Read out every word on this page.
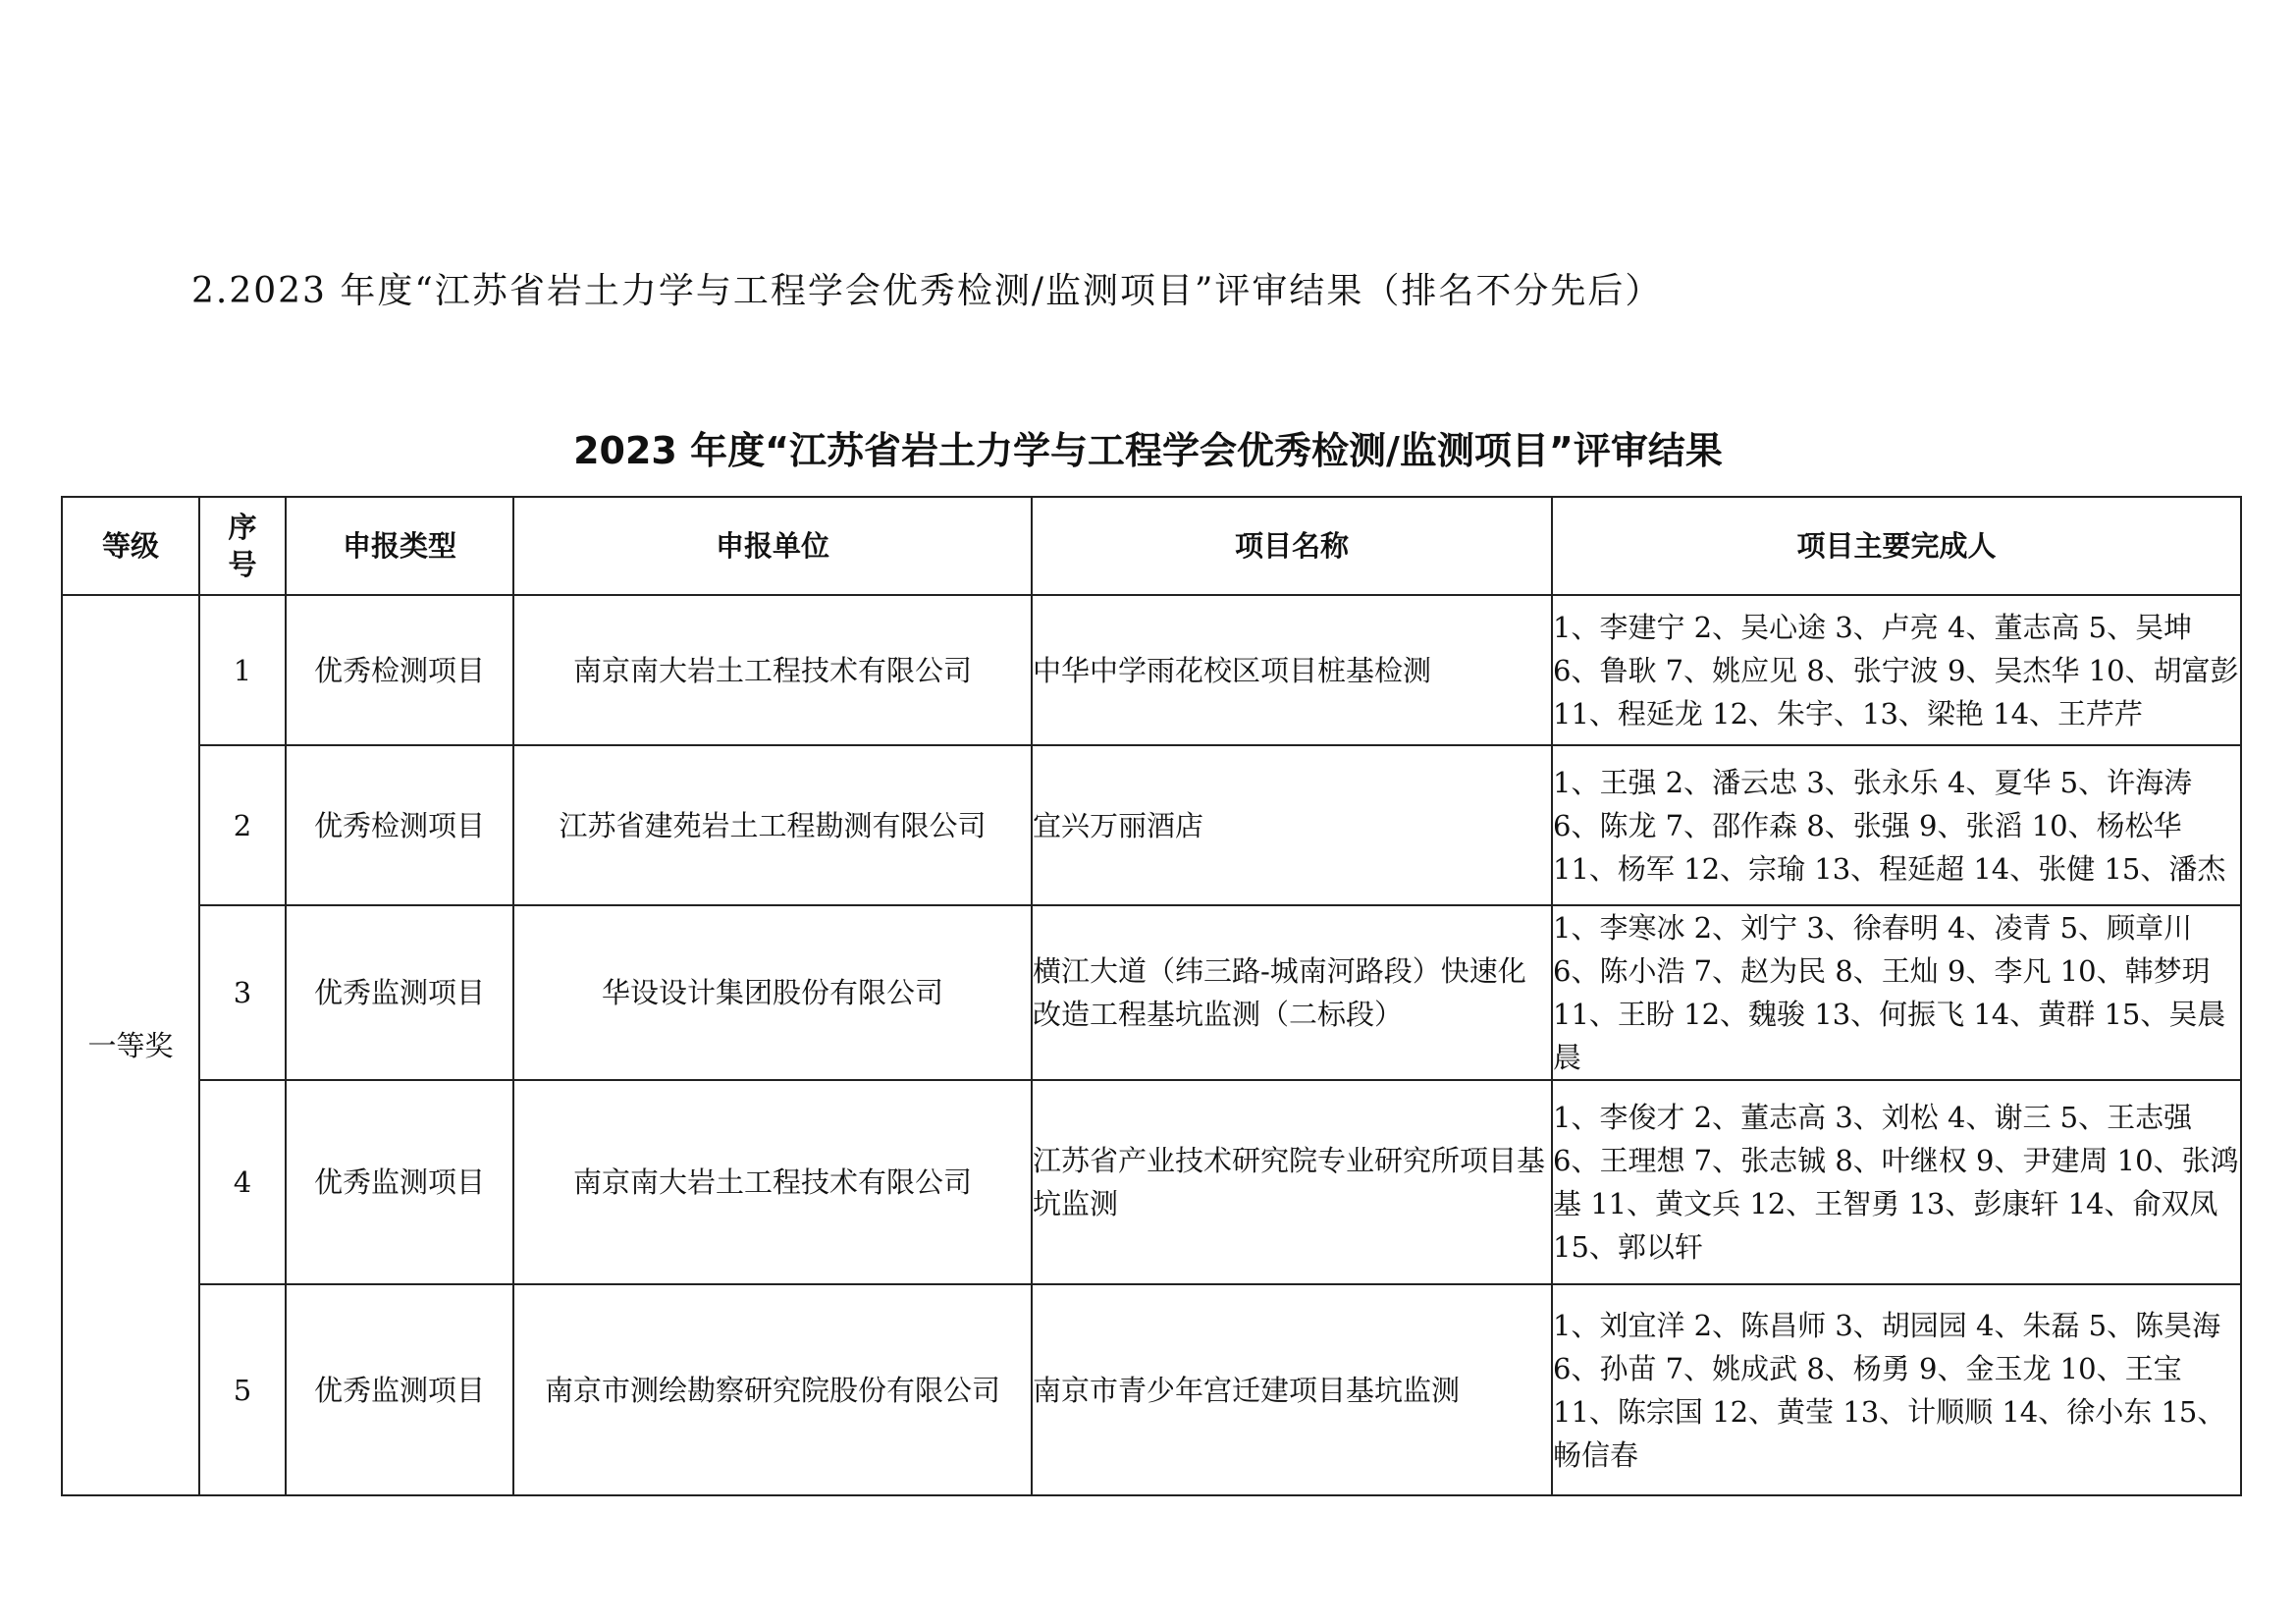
2.2023 年度“江苏省岩土力学与工程学会优秀检测/监测项目”评审结果（排名不分先后）
2023 年度“江苏省岩土力学与工程学会优秀检测/监测项目”评审结果
等级	序号	申报类型	申报单位	项目名称	项目主要完成人
一等奖	1	优秀检测项目	南京南大岩土工程技术有限公司	中华中学雨花校区项目桩基检测	1、李建宁 2、吴心途 3、卢亮 4、董志高 5、吴坤 6、鲁耿 7、姚应见 8、张宁波 9、吴杰华 10、胡富彭 11、程延龙 12、朱宇、13、梁艳 14、王芹芹
	2	优秀检测项目	江苏省建苑岩土工程勘测有限公司	宜兴万丽酒店	1、王强 2、潘云忠 3、张永乐 4、夏华 5、许海涛 6、陈龙 7、邵作森 8、张强 9、张滔 10、杨松华 11、杨军 12、宗瑜 13、程延超 14、张健 15、潘杰
	3	优秀监测项目	华设设计集团股份有限公司	横江大道（纬三路-城南河路段）快速化改造工程基坑监测（二标段）	1、李寒冰 2、刘宁 3、徐春明 4、凌青 5、顾章川 6、陈小浩 7、赵为民 8、王灿 9、李凡 10、韩梦玥 11、王盼 12、魏骏 13、何振飞 14、黄群 15、吴晨晨
	4	优秀监测项目	南京南大岩土工程技术有限公司	江苏省产业技术研究院专业研究所项目基坑监测	1、李俊才 2、董志高 3、刘松 4、谢三 5、王志强 6、王理想 7、张志铖 8、叶继权 9、尹建周 10、张鸿基 11、黄文兵 12、王智勇 13、彭康轩 14、俞双凤 15、郭以轩
	5	优秀监测项目	南京市测绘勘察研究院股份有限公司	南京市青少年宫迁建项目基坑监测	1、刘宜洋 2、陈昌师 3、胡园园 4、朱磊 5、陈昊海 6、孙苗 7、姚成武 8、杨勇 9、金玉龙 10、王宝 11、陈宗国 12、黄莹 13、计顺顺 14、徐小东 15、畅信春
